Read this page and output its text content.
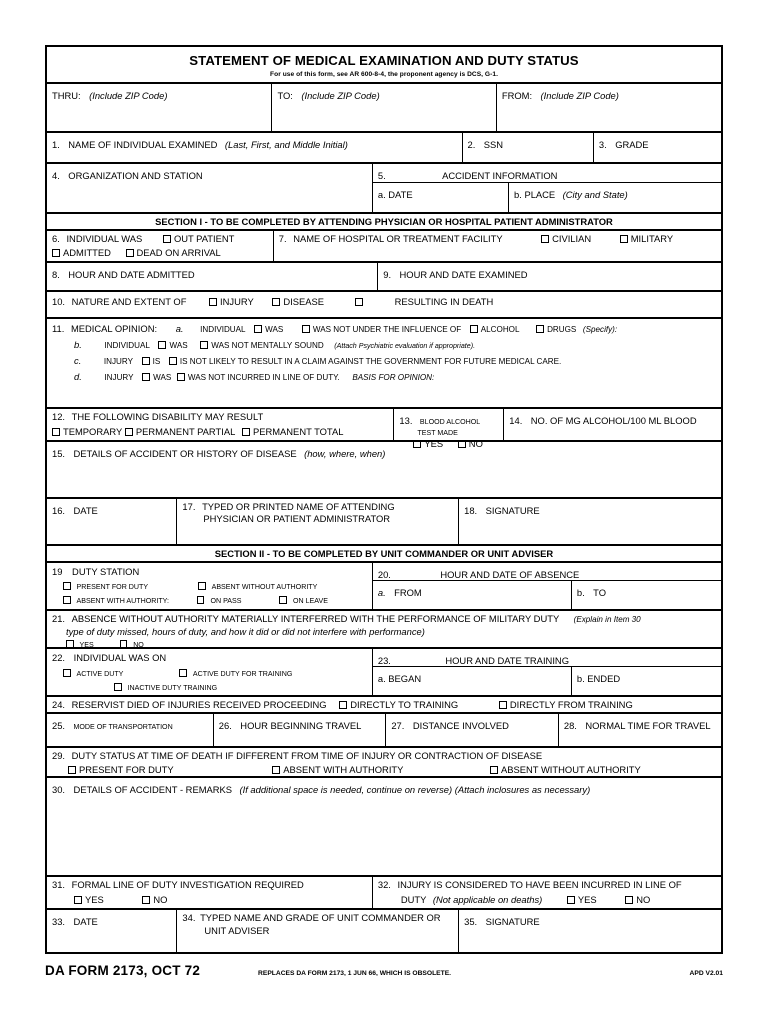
STATEMENT OF MEDICAL EXAMINATION AND DUTY STATUS
For use of this form, see AR 600-8-4, the proponent agency is DCS, G-1.
THRU: (Include ZIP Code)	TO: (Include ZIP Code)	FROM: (Include ZIP Code)
1. NAME OF INDIVIDUAL EXAMINED (Last, First, and Middle Initial)	2. SSN	3. GRADE
4. ORGANIZATION AND STATION	5.	ACCIDENT INFORMATION
a. DATE	b. PLACE (City and State)
SECTION I - TO BE COMPLETED BY ATTENDING PHYSICIAN OR HOSPITAL PATIENT ADMINISTRATOR
6. INDIVIDUAL WAS	OUT PATIENT
ADMITTED	DEAD ON ARRIVAL
7. NAME OF HOSPITAL OR TREATMENT FACILITY	CIVILIAN	MILITARY
8. HOUR AND DATE ADMITTED	9. HOUR AND DATE EXAMINED
10. NATURE AND EXTENT OF	INJURY	DISEASE	RESULTING IN DEATH
11. MEDICAL OPINION: a. INDIVIDUAL WAS	WAS NOT UNDER THE INFLUENCE OF ALCOHOL	DRUGS (Specify):
b.	INDIVIDUAL WAS	WAS NOT MENTALLY SOUND (Attach Psychiatric evaluation if appropriate).
c.	INJURY IS IS NOT LIKELY TO RESULT IN A CLAIM AGAINST THE GOVERNMENT FOR FUTURE MEDICAL CARE.
d.	INJURY WAS WAS NOT INCURRED IN LINE OF DUTY. BASIS FOR OPINION:
12. THE FOLLOWING DISABILITY MAY RESULT
TEMPORARY PERMANENT PARTIAL PERMANENT TOTAL
13. BLOOD ALCOHOL
TEST MADE
YES	NO
14. NO. OF MG ALCOHOL/100 ML BLOOD
15. DETAILS OF ACCIDENT OR HISTORY OF DISEASE (how, where, when)
16. DATE	17. TYPED OR PRINTED NAME OF ATTENDING
PHYSICIAN OR PATIENT ADMINISTRATOR
18. SIGNATURE
SECTION II - TO BE COMPLETED BY UNIT COMMANDER OR UNIT ADVISER
19 DUTY STATION
PRESENT FOR DUTY	ABSENT WITHOUT AUTHORITY
ABSENT WITH AUTHORITY:	ON PASS	ON LEAVE
20.	HOUR AND DATE OF ABSENCE
a. FROM	b. TO
21. ABSENCE WITHOUT AUTHORITY MATERIALLY INTERFERRED WITH THE PERFORMANCE OF MILITARY DUTY (Explain in Item 30
type of duty missed, hours of duty, and how it did or did not interfere with performance)
YES	NO
22. INDIVIDUAL WAS ON
ACTIVE DUTY	ACTIVE DUTY FOR TRAINING
INACTIVE DUTY TRAINING
23.	HOUR AND DATE TRAINING
a. BEGAN	b. ENDED
24. RESERVIST DIED OF INJURIES RECEIVED PROCEEDING	DIRECTLY TO TRAINING	DIRECTLY FROM TRAINING
25. MODE OF TRANSPORTATION	26. HOUR BEGINNING TRAVEL	27. DISTANCE INVOLVED	28. NORMAL TIME FOR TRAVEL
29. DUTY STATUS AT TIME OF DEATH IF DIFFERENT FROM TIME OF INJURY OR CONTRACTION OF DISEASE
PRESENT FOR DUTY	ABSENT WITH AUTHORITY	ABSENT WITHOUT AUTHORITY
30. DETAILS OF ACCIDENT - REMARKS (If additional space is needed, continue on reverse) (Attach inclosures as necessary)
31. FORMAL LINE OF DUTY INVESTIGATION REQUIRED
YES	NO
32. INJURY IS CONSIDERED TO HAVE BEEN INCURRED IN LINE OF
DUTY (Not applicable on deaths)	YES	NO
33. DATE	34. TYPED NAME AND GRADE OF UNIT COMMANDER OR
UNIT ADVISER
35. SIGNATURE
DA FORM 2173, OCT 72	REPLACES DA FORM 2173, 1 JUN 66, WHICH IS OBSOLETE.	APD V2.01
